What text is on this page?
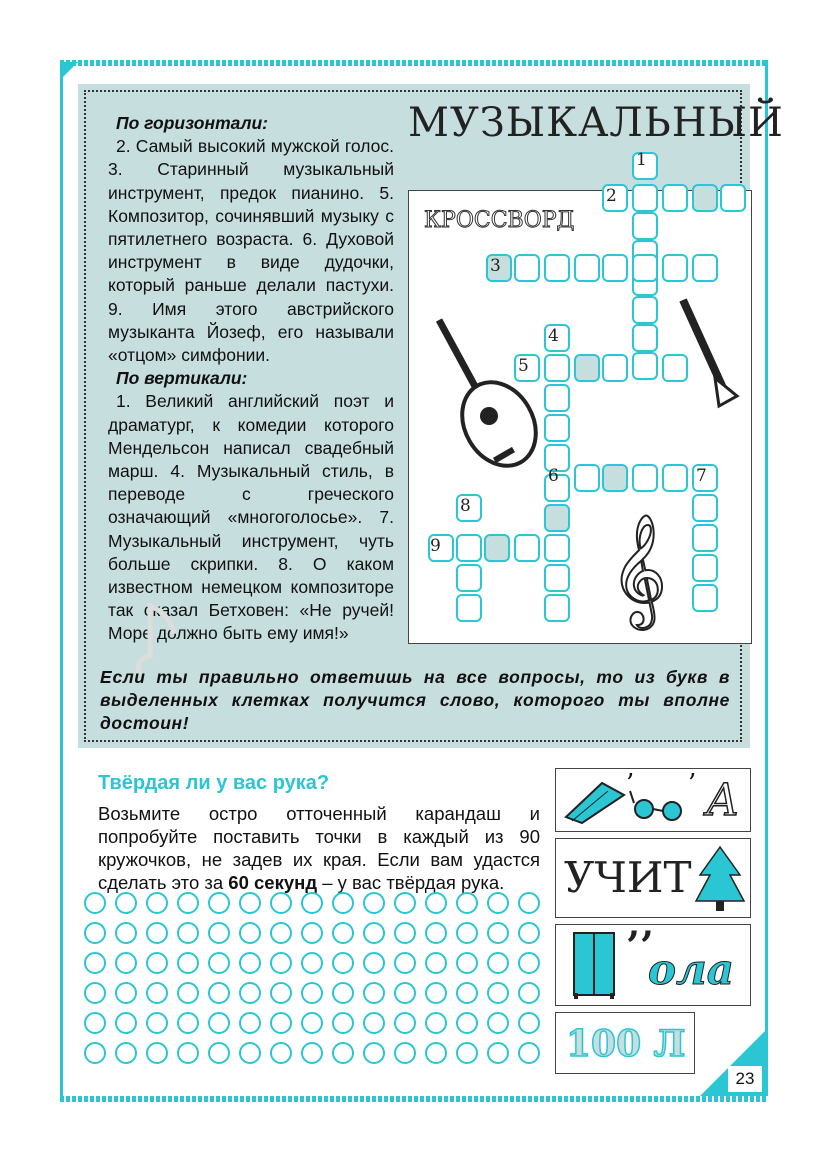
23
По горизонтали:

2. Самый высокий мужской голос. 3. Старинный музыкальный инструмент, предок пианино. 5. Композитор, сочинявший музыку с пятилетнего возраста. 6. Духовой инструмент в виде дудочки, который раньше делали пастухи. 9. Имя этого австрийского музыканта Йозеф, его называли «отцом» симфонии.

По вертикали:

1. Великий английский поэт и драматург, к комедии которого Мендельсон написал свадебный марш. 4. Музыкальный стиль, в переводе с греческого означающий «многоголосье». 7. Музыкальный инструмент, чуть больше скрипки. 8. О каком известном немецком композиторе так сказал Бетховен: «Не ручей! Море должно быть ему имя!»

МУЗЫКАЛЬНЫЙ
КРОССВОРД
1
2
3
4
5
6	7
8
9 𝄞
Если ты правильно ответишь на все вопросы, то из букв в выделенных клетках получится слово, которого ты вполне достоин!
Твёрдая ли у вас рука?
Возьмите остро отточенный карандаш и попробуйте поставить точки в каждый из 90 кружочков, не задев их края. Если вам удастся сделать это за 60 секунд – у вас твёрдая рука.
’ ’ А
УЧИТ
’’
ола
100 Л
